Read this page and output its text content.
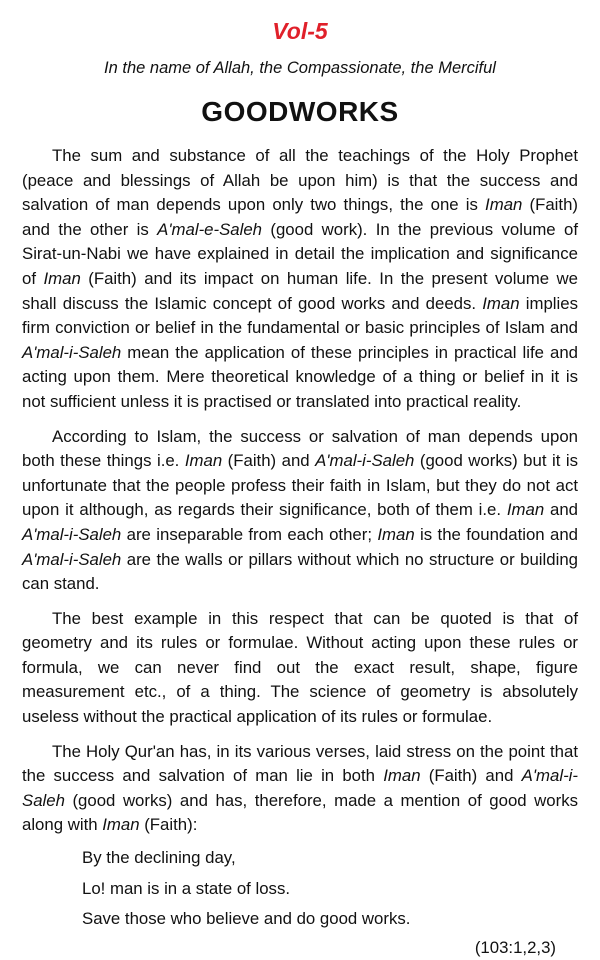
Vol-5
In the name of Allah, the Compassionate, the Merciful
GOODWORKS

The sum and substance of all the teachings of the Holy Prophet (peace and blessings of Allah be upon him) is that the success and salvation of man depends upon only two things, the one is Iman (Faith) and the other is A'mal-e-Saleh (good work). In the previous volume of Sirat-un-Nabi we have explained in detail the implication and significance of Iman (Faith) and its impact on human life. In the present volume we shall discuss the Islamic concept of good works and deeds. Iman implies firm conviction or belief in the fundamental or basic principles of Islam and A'mal-i-Saleh mean the application of these principles in practical life and acting upon them. Mere theoretical knowledge of a thing or belief in it is not sufficient unless it is practised or translated into practical reality.

According to Islam, the success or salvation of man depends upon both these things i.e. Iman (Faith) and A'mal-i-Saleh (good works) but it is unfortunate that the people profess their faith in Islam, but they do not act upon it although, as regards their significance, both of them i.e. Iman and A'mal-i-Saleh are inseparable from each other; Iman is the foundation and A'mal-i-Saleh are the walls or pillars without which no structure or building can stand.

The best example in this respect that can be quoted is that of geometry and its rules or formulae. Without acting upon these rules or formula, we can never find out the exact result, shape, figure measurement etc., of a thing. The science of geometry is absolutely useless without the practical application of its rules or formulae.

The Holy Qur'an has, in its various verses, laid stress on the point that the success and salvation of man lie in both Iman (Faith) and A'mal-i-Saleh (good works) and has, therefore, made a mention of good works along with Iman (Faith):

By the declining day,
Lo! man is in a state of loss.
Save those who believe and do good works.
(103:1,2,3)
